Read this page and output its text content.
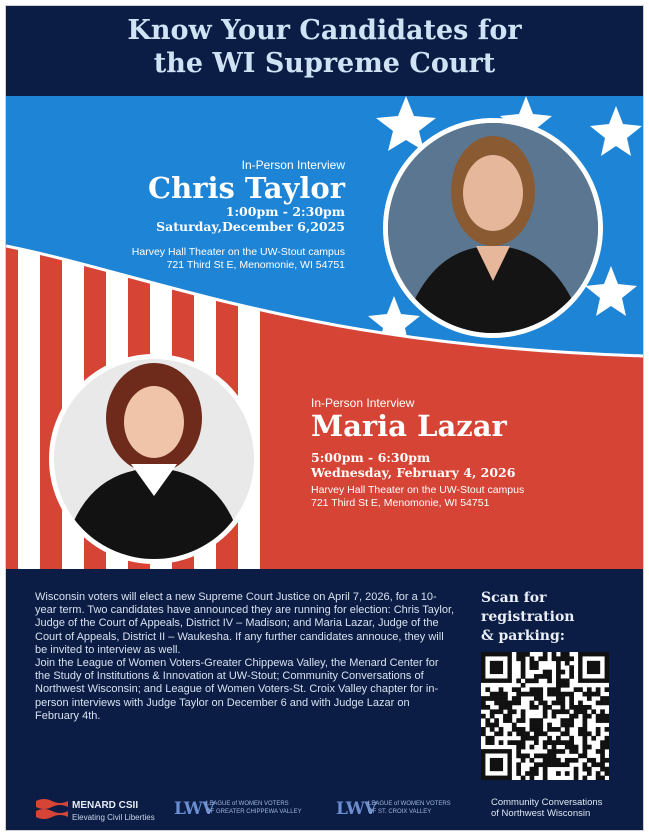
Know Your Candidates for
the WI Supreme Court
In-Person Interview
Chris Taylor
1:00pm - 2:30pm
Saturday,December 6,2025
Harvey Hall Theater on the UW-Stout campus
721 Third St E, Menomonie, WI 54751
In-Person Interview
Maria Lazar
5:00pm - 6:30pm
Wednesday, February 4, 2026
Harvey Hall Theater on the UW-Stout campus
721 Third St E, Menomonie, WI 54751

Wisconsin voters will elect a new Supreme Court Justice on April 7, 2026, for a 10-year term. Two candidates have announced they are running for election: Chris Taylor, Judge of the Court of Appeals, District IV – Madison; and Maria Lazar, Judge of the Court of Appeals, District II – Waukesha. If any further candidates annouce, they will be invited to interview as well.

Join the League of Women Voters-Greater Chippewa Valley, the Menard Center for the Study of Institutions & Innovation at UW-Stout; Community Conversations of Northwest Wisconsin; and League of Women Voters-St. Croix Valley chapter for in-person interviews with Judge Taylor on December 6 and with Judge Lazar on February 4th.

Scan for
registration
& parking:
MENARD CSII
Elevating Civil Liberties LWV
LEAGUE of WOMEN VOTERS
OF GREATER CHIPPEWA VALLEY LWV
LEAGUE of WOMEN VOTERS
OF ST. CROIX VALLEY
Community Conversations
of Northwest Wisconsin
